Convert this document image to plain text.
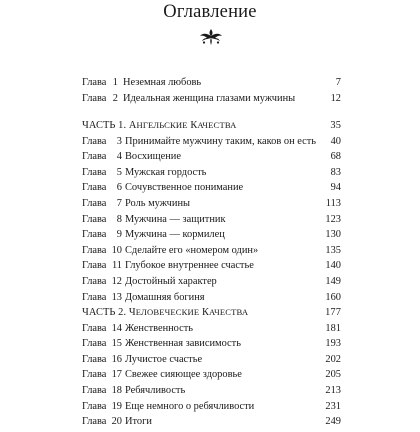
Оглавление
Глава 1 Неземная любовь	7
Глава 2 Идеальная женщина глазами мужчины	12
ЧАСТЬ 1. АНГЕЛЬСКИЕ КАЧЕСТВА	35
Глава 3 Принимайте мужчину таким, каков он есть	40
Глава 4 Восхищение	68
Глава 5 Мужская гордость	83
Глава 6 Сочувственное понимание	94
Глава 7 Роль мужчины	113
Глава 8 Мужчина — защитник	123
Глава 9 Мужчина — кормилец	130
Глава 10 Сделайте его «номером один»	135
Глава 11 Глубокое внутреннее счастье	140
Глава 12 Достойный характер	149
Глава 13 Домашняя богиня	160
ЧАСТЬ 2. ЧЕЛОВЕЧЕСКИЕ КАЧЕСТВА	177
Глава 14 Женственность	181
Глава 15 Женственная зависимость	193
Глава 16 Лучистое счастье	202
Глава 17 Свежее сияющее здоровье	205
Глава 18 Ребячливость	213
Глава 19 Еще немного о ребячливости	231
Глава 20 Итоги	249
